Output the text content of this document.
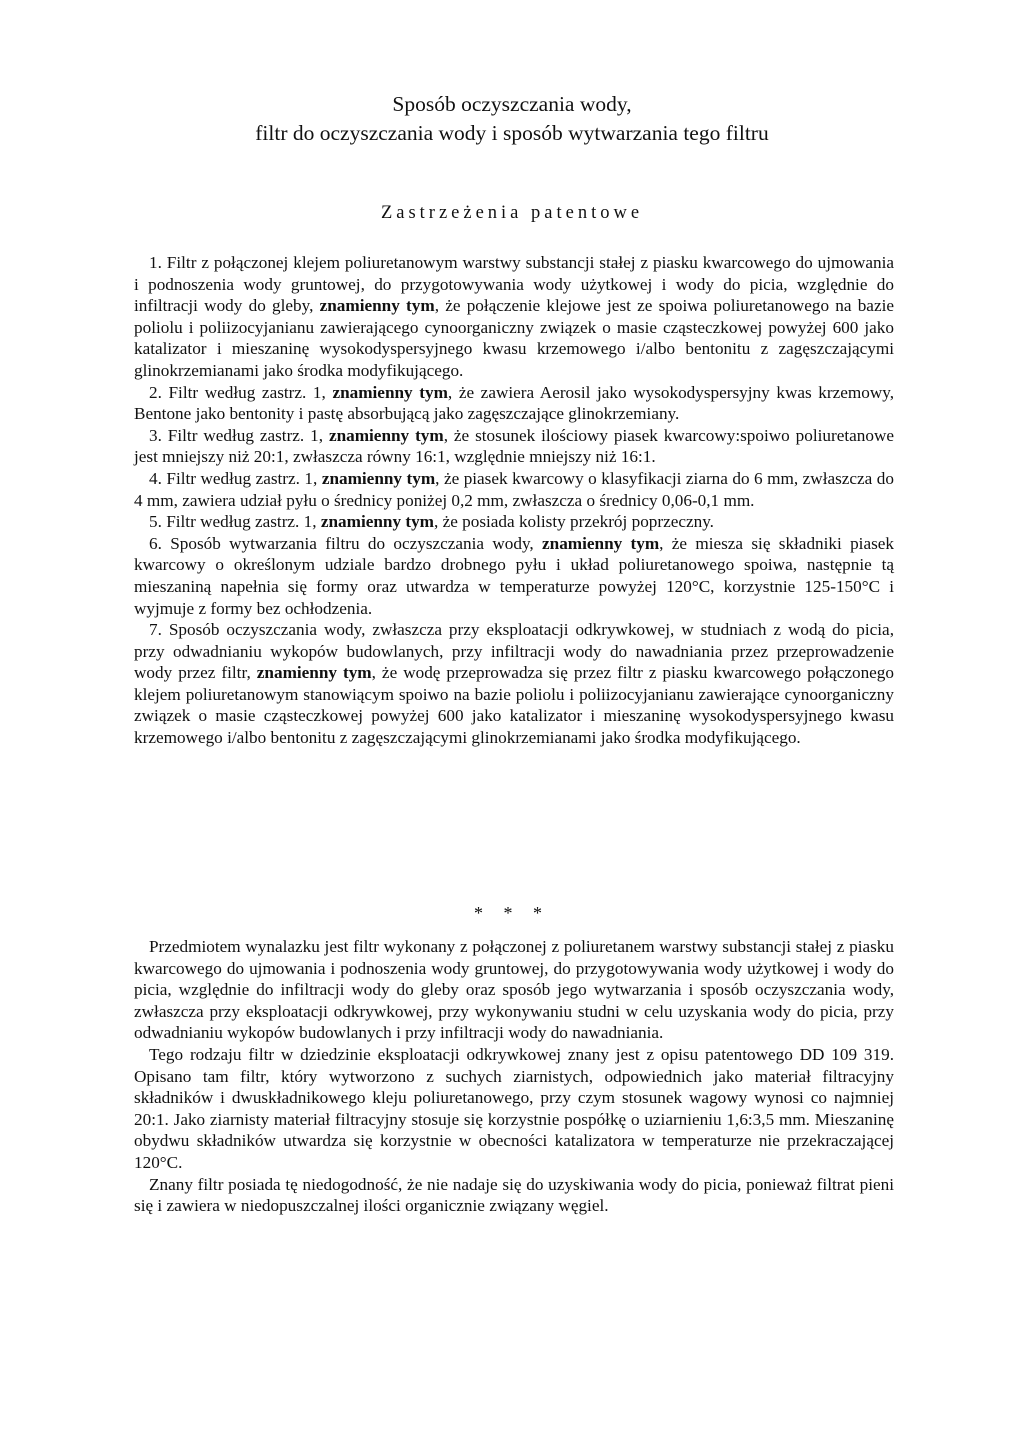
Sposób oczyszczania wody,
filtr do oczyszczania wody i sposób wytwarzania tego filtru
Zastrzeżenia patentowe

1. Filtr z połączonej klejem poliuretanowym warstwy substancji stałej z piasku kwarcowego do ujmowania i podnoszenia wody gruntowej, do przygotowywania wody użytkowej i wody do picia, względnie do infiltracji wody do gleby, znamienny tym, że połączenie klejowe jest ze spoiwa poliuretanowego na bazie poliolu i poliizocyjanianu zawierającego cynoorganiczny związek o masie cząsteczkowej powyżej 600 jako katalizator i mieszaninę wysokodyspersyjnego kwasu krzemowego i/albo bentonitu z zagęszczającymi glinokrzemianami jako środka modyfikującego.

2. Filtr według zastrz. 1, znamienny tym, że zawiera Aerosil jako wysokodyspersyjny kwas krzemowy, Bentone jako bentonity i pastę absorbującą jako zagęszczające glinokrzemiany.

3. Filtr według zastrz. 1, znamienny tym, że stosunek ilościowy piasek kwarcowy:spoiwo poliuretanowe jest mniejszy niż 20:1, zwłaszcza równy 16:1, względnie mniejszy niż 16:1.

4. Filtr według zastrz. 1, znamienny tym, że piasek kwarcowy o klasyfikacji ziarna do 6 mm, zwłaszcza do 4 mm, zawiera udział pyłu o średnicy poniżej 0,2 mm, zwłaszcza o średnicy 0,06-0,1 mm.

5. Filtr według zastrz. 1, znamienny tym, że posiada kolisty przekrój poprzeczny.

6. Sposób wytwarzania filtru do oczyszczania wody, znamienny tym, że miesza się składniki piasek kwarcowy o określonym udziale bardzo drobnego pyłu i układ poliuretanowego spoiwa, następnie tą mieszaniną napełnia się formy oraz utwardza w temperaturze powyżej 120°C, korzystnie 125-150°C i wyjmuje z formy bez ochłodzenia.

7. Sposób oczyszczania wody, zwłaszcza przy eksploatacji odkrywkowej, w studniach z wodą do picia, przy odwadnianiu wykopów budowlanych, przy infiltracji wody do nawadniania przez przeprowadzenie wody przez filtr, znamienny tym, że wodę przeprowadza się przez filtr z piasku kwarcowego połączonego klejem poliuretanowym stanowiącym spoiwo na bazie poliolu i poliizocyjanianu zawierające cynoorganiczny związek o masie cząsteczkowej powyżej 600 jako katalizator i mieszaninę wysokodyspersyjnego kwasu krzemowego i/albo bentonitu z zagęszczającymi glinokrzemianami jako środka modyfikującego.

* * *

Przedmiotem wynalazku jest filtr wykonany z połączonej z poliuretanem warstwy substancji stałej z piasku kwarcowego do ujmowania i podnoszenia wody gruntowej, do przygotowywania wody użytkowej i wody do picia, względnie do infiltracji wody do gleby oraz sposób jego wytwarzania i sposób oczyszczania wody, zwłaszcza przy eksploatacji odkrywkowej, przy wykonywaniu studni w celu uzyskania wody do picia, przy odwadnianiu wykopów budowlanych i przy infiltracji wody do nawadniania.

Tego rodzaju filtr w dziedzinie eksploatacji odkrywkowej znany jest z opisu patentowego DD 109 319. Opisano tam filtr, który wytworzono z suchych ziarnistych, odpowiednich jako materiał filtracyjny składników i dwuskładnikowego kleju poliuretanowego, przy czym stosunek wagowy wynosi co najmniej 20:1. Jako ziarnisty materiał filtracyjny stosuje się korzystnie pospółkę o uziarnieniu 1,6:3,5 mm. Mieszaninę obydwu składników utwardza się korzystnie w obecności katalizatora w temperaturze nie przekraczającej 120°C.

Znany filtr posiada tę niedogodność, że nie nadaje się do uzyskiwania wody do picia, ponieważ filtrat pieni się i zawiera w niedopuszczalnej ilości organicznie związany węgiel.
